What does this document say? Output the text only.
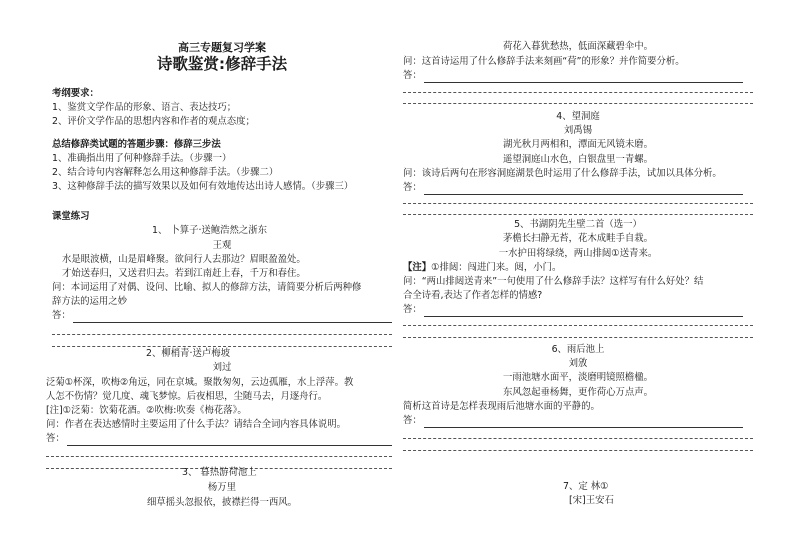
高三专题复习学案
诗歌鉴赏:修辞手法
考纲要求：
1、鉴赏文学作品的形象、语言、表达技巧；
2、评价文学作品的思想内容和作者的观点态度；
总结修辞类试题的答题步骤：修辞三步法
1、准确指出用了何种修辞手法。（步骤一）
2、结合诗句内容解释怎么用这种修辞手法。（步骤二）
3、这种修辞手法的描写效果以及如何有效地传达出诗人感情。（步骤三）
课堂练习
1、 卜算子·送鲍浩然之浙东
王观
水是眼波横，山是眉峰聚。欲问行人去那边？眉眼盈盈处。
才始送春归，又送君归去。若到江南赶上春，千万和春住。
问：本词运用了对偶、设问、比喻、拟人的修辞方法，请简要分析后两种修
辞方法的运用之妙
答：
2、柳梢青·送卢梅坡
刘过
泛菊①杯深，吹梅②角远，同在京城。聚散匆匆，云边孤雁，水上浮萍。教
人怎不伤情？觉几度、魂飞梦惊。后夜相思，尘随马去，月逐舟行。
[注]①泛菊：饮菊花酒。②吹梅:吹奏《梅花落》。
问：作者在表达感情时主要运用了什么手法？请结合全词内容具体说明。
答：
3、 暮热游荷池上
杨万里
细草摇头忽报依，披襟拦得一西风。
荷花入暮犹愁热，低面深藏碧伞中。
问：这首诗运用了什么修辞手法来刻画“荷”的形象？并作简要分析。
答：
4、望洞庭
刘禹锡
湖光秋月两相和，潭面无风镜未磨。
遥望洞庭山水色，白银盘里一青螺。
问：该诗后两句在形容洞庭湖景色时运用了什么修辞手法，试加以具体分析。
答：
5、书湖阴先生壁二首（选一）
茅檐长扫静无苔，花木成畦手自栽。
一水护田将绿绕，两山排闼①送青来。
【注】①排闼：闯进门来。闼，小门。
问：“两山排闼送青来”一句使用了什么修辞手法？这样写有什么好处？结
合全诗看,表达了作者怎样的情感?
答：
6、雨后池上
刘攽
一雨池塘水面平，淡磨明镜照檐楹。
东风忽起垂杨舞，更作荷心万点声。
简析这首诗是怎样表现雨后池塘水面的平静的。
答：
7、定 林①
[宋]王安石
